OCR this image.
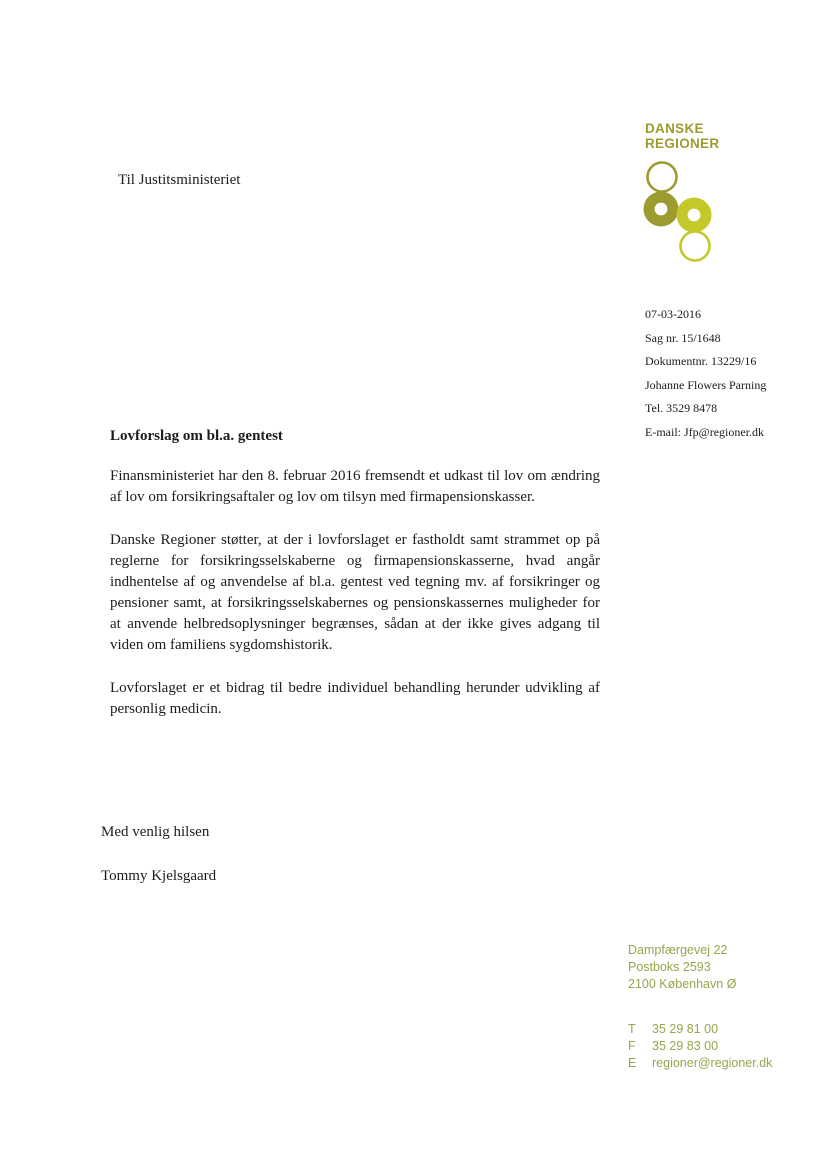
Til Justitsministeriet
DANSKE
REGIONER
07-03-2016
Sag nr. 15/1648
Dokumentnr. 13229/16
Johanne Flowers Parning
Tel. 3529 8478
E-mail: Jfp@regioner.dk
Lovforslag om bl.a. gentest

Finansministeriet har den 8. februar 2016 fremsendt et udkast til lov om ændring af lov om forsikringsaftaler og lov om tilsyn med firmapensionskasser.

Danske Regioner støtter, at der i lovforslaget er fastholdt samt strammet op på reglerne for forsikringsselskaberne og firmapensionskasserne, hvad angår indhentelse af og anvendelse af bl.a. gentest ved tegning mv. af forsikringer og pensioner samt, at forsikringsselskabernes og pensionskassernes muligheder for at anvende helbredsoplysninger begrænses, sådan at der ikke gives adgang til viden om familiens sygdomshistorik.

Lovforslaget er et bidrag til bedre individuel behandling herunder udvikling af personlig medicin.

Med venlig hilsen
Tommy Kjelsgaard
Dampfærgevej 22
Postboks 2593
2100 København Ø
T 35 29 81 00
F 35 29 83 00
E regioner@regioner.dk
